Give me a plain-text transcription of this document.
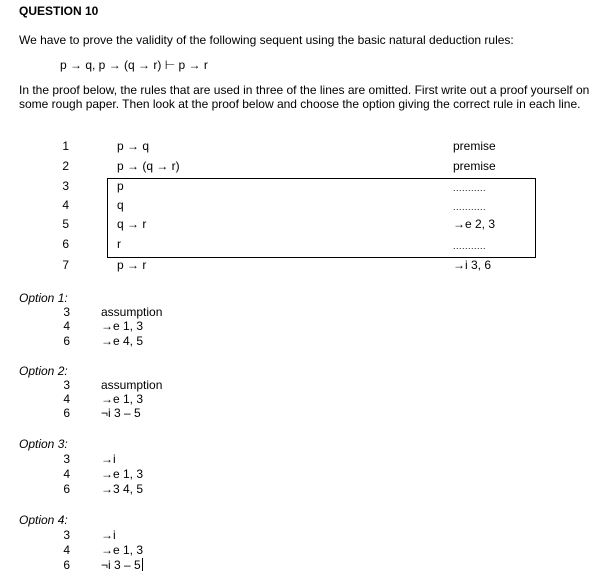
QUESTION 10
We have to prove the validity of the following sequent using the basic natural deduction rules:
p → q, p → (q → r) ⊢ p → r
In the proof below, the rules that are used in three of the lines are omitted. First write out a proof yourself on some rough paper. Then look at the proof below and choose the option giving the correct rule in each line.
1	p → q	premise
2	p → (q → r)	premise
3	p	...........
4	q	...........
5	q → r	→e 2, 3
6	r	...........
7	p → r	→i 3, 6
Option 1:
3	assumption
4	→e 1, 3
6	→e 4, 5
Option 2:
3	assumption
4	→e 1, 3
6	¬i 3 – 5
Option 3:
3	→i
4	→e 1, 3
6	→3 4, 5
Option 4:
3	→i
4	→e 1, 3
6	¬i 3 – 5
